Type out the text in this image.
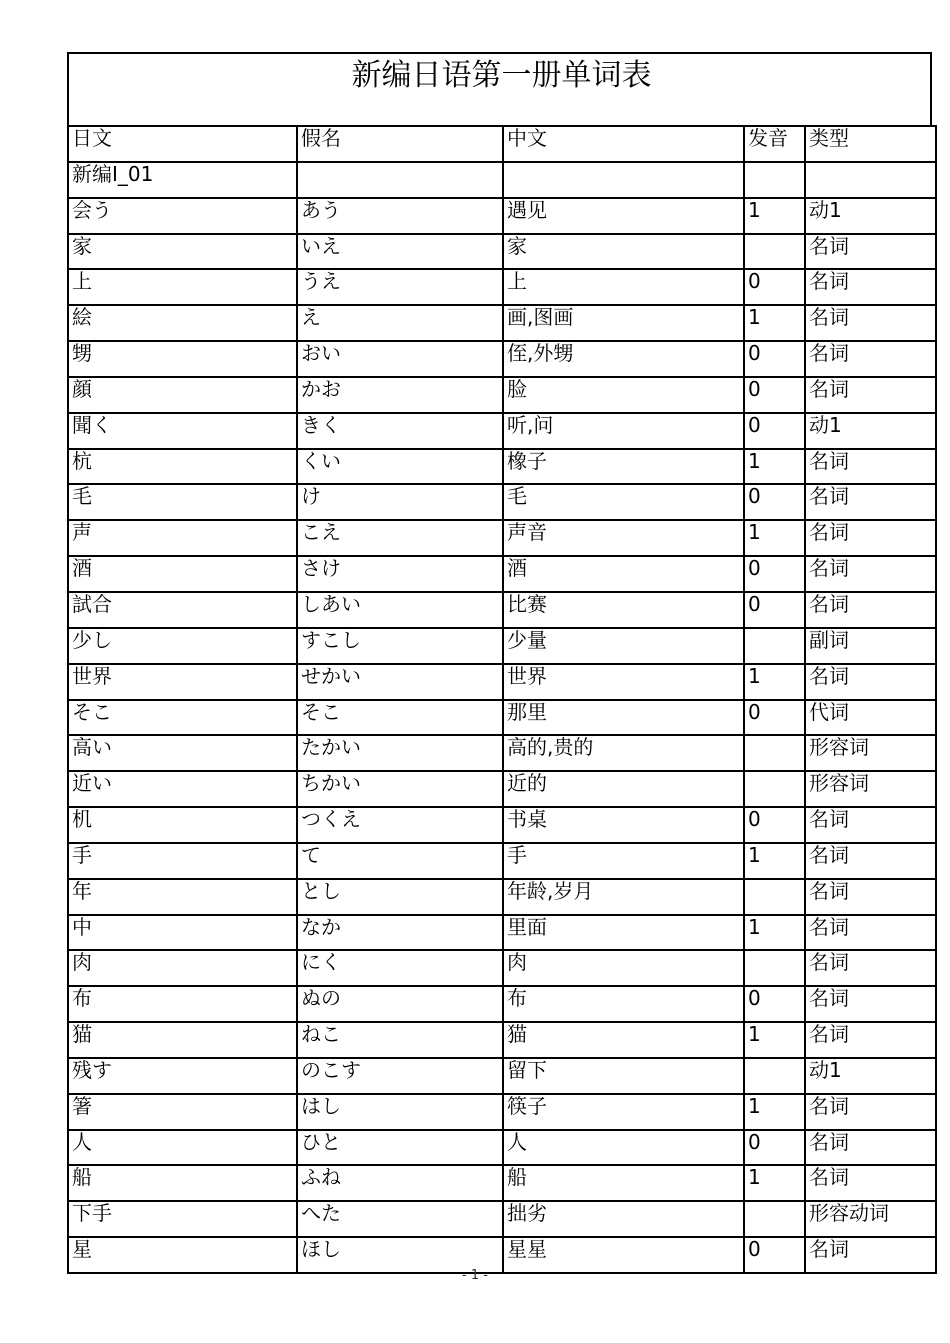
新编日语第一册单词表
日文	假名	中文	发音	类型
新编I_01				
会う	あう	遇见	1	动1
家	いえ	家		名词
上	うえ	上	0	名词
絵	え	画,图画	1	名词
甥	おい	侄,外甥	0	名词
顔	かお	脸	0	名词
聞く	きく	听,问	0	动1
杭	くい	橡子	1	名词
毛	け	毛	0	名词
声	こえ	声音	1	名词
酒	さけ	酒	0	名词
試合	しあい	比赛	0	名词
少し	すこし	少量		副词
世界	せかい	世界	1	名词
そこ	そこ	那里	0	代词
高い	たかい	高的,贵的		形容词
近い	ちかい	近的		形容词
机	つくえ	书桌	0	名词
手	て	手	1	名词
年	とし	年龄,岁月		名词
中	なか	里面	1	名词
肉	にく	肉		名词
布	ぬの	布	0	名词
猫	ねこ	猫	1	名词
残す	のこす	留下		动1
箸	はし	筷子	1	名词
人	ひと	人	0	名词
船	ふね	船	1	名词
下手	へた	拙劣		形容动词
星	ほし	星星	0	名词
- 1 -
